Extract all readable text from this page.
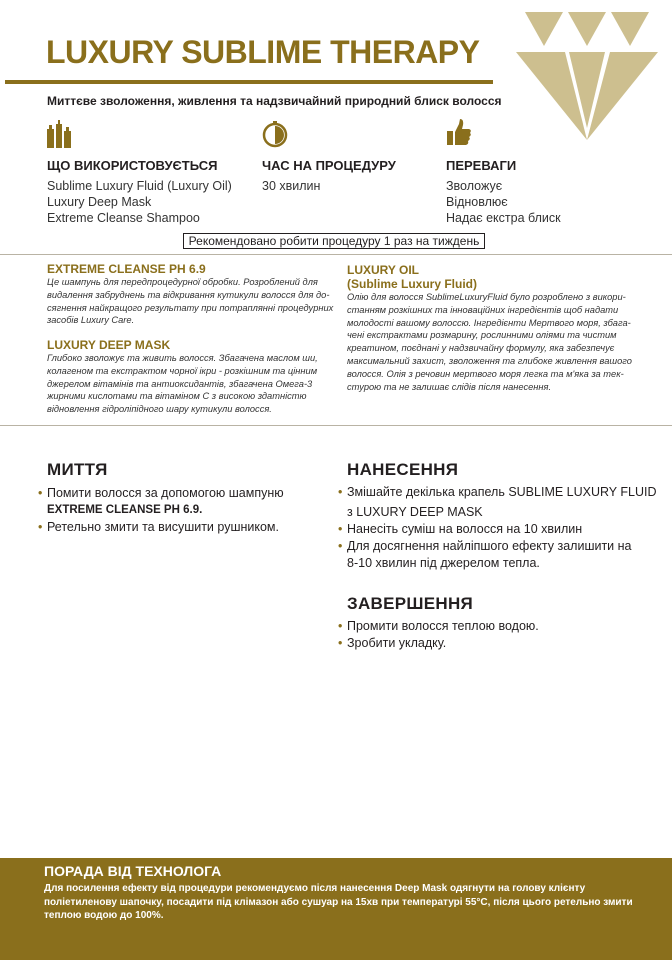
LUXURY SUBLIME THERAPY
Миттєве зволоження, живлення та надзвичайний природний блиск волосся
ЩО ВИКОРИСТОВУЄТЬСЯ
Sublime Luxury Fluid (Luxury Oil)
Luxury Deep Mask
Extreme Cleanse Shampoo
ЧАС НА ПРОЦЕДУРУ
30 хвилин
ПЕРЕВАГИ
Зволожує
Відновлює
Надає екстра блиск
Рекомендовано робити процедуру 1 раз на тиждень
EXTREME CLEANSE PH 6.9
Це шампунь для передпроцедурної обробки. Розроблений для
видалення забруднень та відкривання кутикули волосся для до-
сягнення найкращого результату при потраплянні процедурних
засобів Luxury Care.
LUXURY DEEP MASK
Глибоко зволожує та живить волосся. Збагачена маслом ши,
колагеном та екстрактом чорної ікри - розкішним та цінним
джерелом вітамінів та антиоксидантів, збагачена Омега-3
жирними кислотами та вітаміном С з високою здатністю
відновлення гідроліпідного шару кутикули волосся.
LUXURY OIL
(Sublime Luxury Fluid)
Олію для волосся SublimeLuxuryFluid було розроблено з викори-
станням розкішних та інноваційних інгредієнтів щоб надати
молодості вашому волоссю. Інгредієнти Мертвого моря, збага-
чені екстрактами розмарину, рослинними оліями та чистим
креатином, поєднані у надзвичайну формулу, яка забезпечує
максимальний захист, зволоження та глибоке живлення вашого
волосся. Олія з речовин мертвого моря легка та м'яка за тек-
стурою та не залишає слідів після нанесення.
МИТТЯ
• Помити волосся за допомогою шампуню
EXTREME CLEANSE PH 6.9.
• Ретельно змити та висушити рушником.
НАНЕСЕННЯ
• Змішайте декілька крапель SUBLIME LUXURY FLUID
з LUXURY DEEP MASK
• Нанесіть суміш на волосся на 10 хвилин
• Для досягнення найліпшого ефекту залишити на
8-10 хвилин під джерелом тепла.
ЗАВЕРШЕННЯ
• Промити волосся теплою водою.
• Зробити укладку.
ПОРАДА ВІД ТЕХНОЛОГА
Для посилення ефекту від процедури рекомендуємо після нанесення Deep Mask одягнути на голову клієнту поліетиленову шапочку, посадити під клімазон або сушуар на 15хв при температурі 55°С, після цього ретельно змити теплою водою до 100%.
